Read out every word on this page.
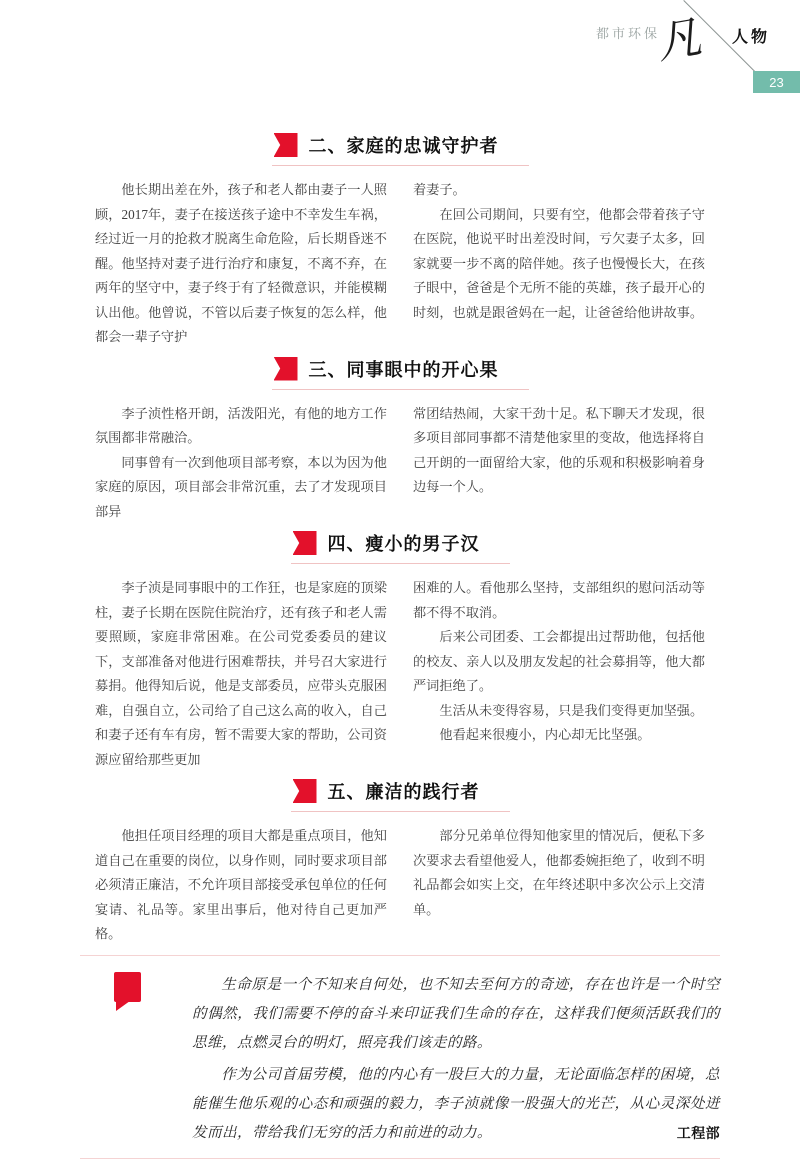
都市环保
凡 人物
23
二、家庭的忠诚守护者

他长期出差在外，孩子和老人都由妻子一人照顾，2017年，妻子在接送孩子途中不幸发生车祸，经过近一月的抢救才脱离生命危险，后长期昏迷不醒。他坚持对妻子进行治疗和康复，不离不弃，在两年的坚守中，妻子终于有了轻微意识，并能模糊认出他。他曾说，不管以后妻子恢复的怎么样，他都会一辈子守护

着妻子。

在回公司期间，只要有空，他都会带着孩子守在医院，他说平时出差没时间，亏欠妻子太多，回家就要一步不离的陪伴她。孩子也慢慢长大，在孩子眼中，爸爸是个无所不能的英雄，孩子最开心的时刻，也就是跟爸妈在一起，让爸爸给他讲故事。

三、同事眼中的开心果

李子浈性格开朗，活泼阳光，有他的地方工作氛围都非常融洽。

同事曾有一次到他项目部考察，本以为因为他家庭的原因，项目部会非常沉重，去了才发现项目部异

常团结热闹，大家干劲十足。私下聊天才发现，很多项目部同事都不清楚他家里的变故，他选择将自己开朗的一面留给大家，他的乐观和积极影响着身边每一个人。

四、瘦小的男子汉

李子浈是同事眼中的工作狂，也是家庭的顶梁柱，妻子长期在医院住院治疗，还有孩子和老人需要照顾，家庭非常困难。在公司党委委员的建议下，支部准备对他进行困难帮扶，并号召大家进行募捐。他得知后说，他是支部委员，应带头克服困难，自强自立，公司给了自己这么高的收入，自己和妻子还有车有房，暂不需要大家的帮助，公司资源应留给那些更加

困难的人。看他那么坚持，支部组织的慰问活动等都不得不取消。

后来公司团委、工会都提出过帮助他，包括他的校友、亲人以及朋友发起的社会募捐等，他大都严词拒绝了。

生活从未变得容易，只是我们变得更加坚强。

他看起来很瘦小，内心却无比坚强。

五、廉洁的践行者

他担任项目经理的项目大都是重点项目，他知道自己在重要的岗位，以身作则，同时要求项目部必须清正廉洁，不允许项目部接受承包单位的任何宴请、礼品等。家里出事后，他对待自己更加严格。

部分兄弟单位得知他家里的情况后，便私下多次要求去看望他爱人，他都委婉拒绝了，收到不明礼品都会如实上交，在年终述职中多次公示上交清单。

生命原是一个不知来自何处，也不知去至何方的奇迹，存在也许是一个时空的偶然，我们需要不停的奋斗来印证我们生命的存在，这样我们便须活跃我们的思维，点燃灵台的明灯，照亮我们该走的路。

作为公司首届劳模，他的内心有一股巨大的力量，无论面临怎样的困境，总能催生他乐观的心态和顽强的毅力，李子浈就像一股强大的光芒，从心灵深处迸发而出，带给我们无穷的活力和前进的动力。	工程部
